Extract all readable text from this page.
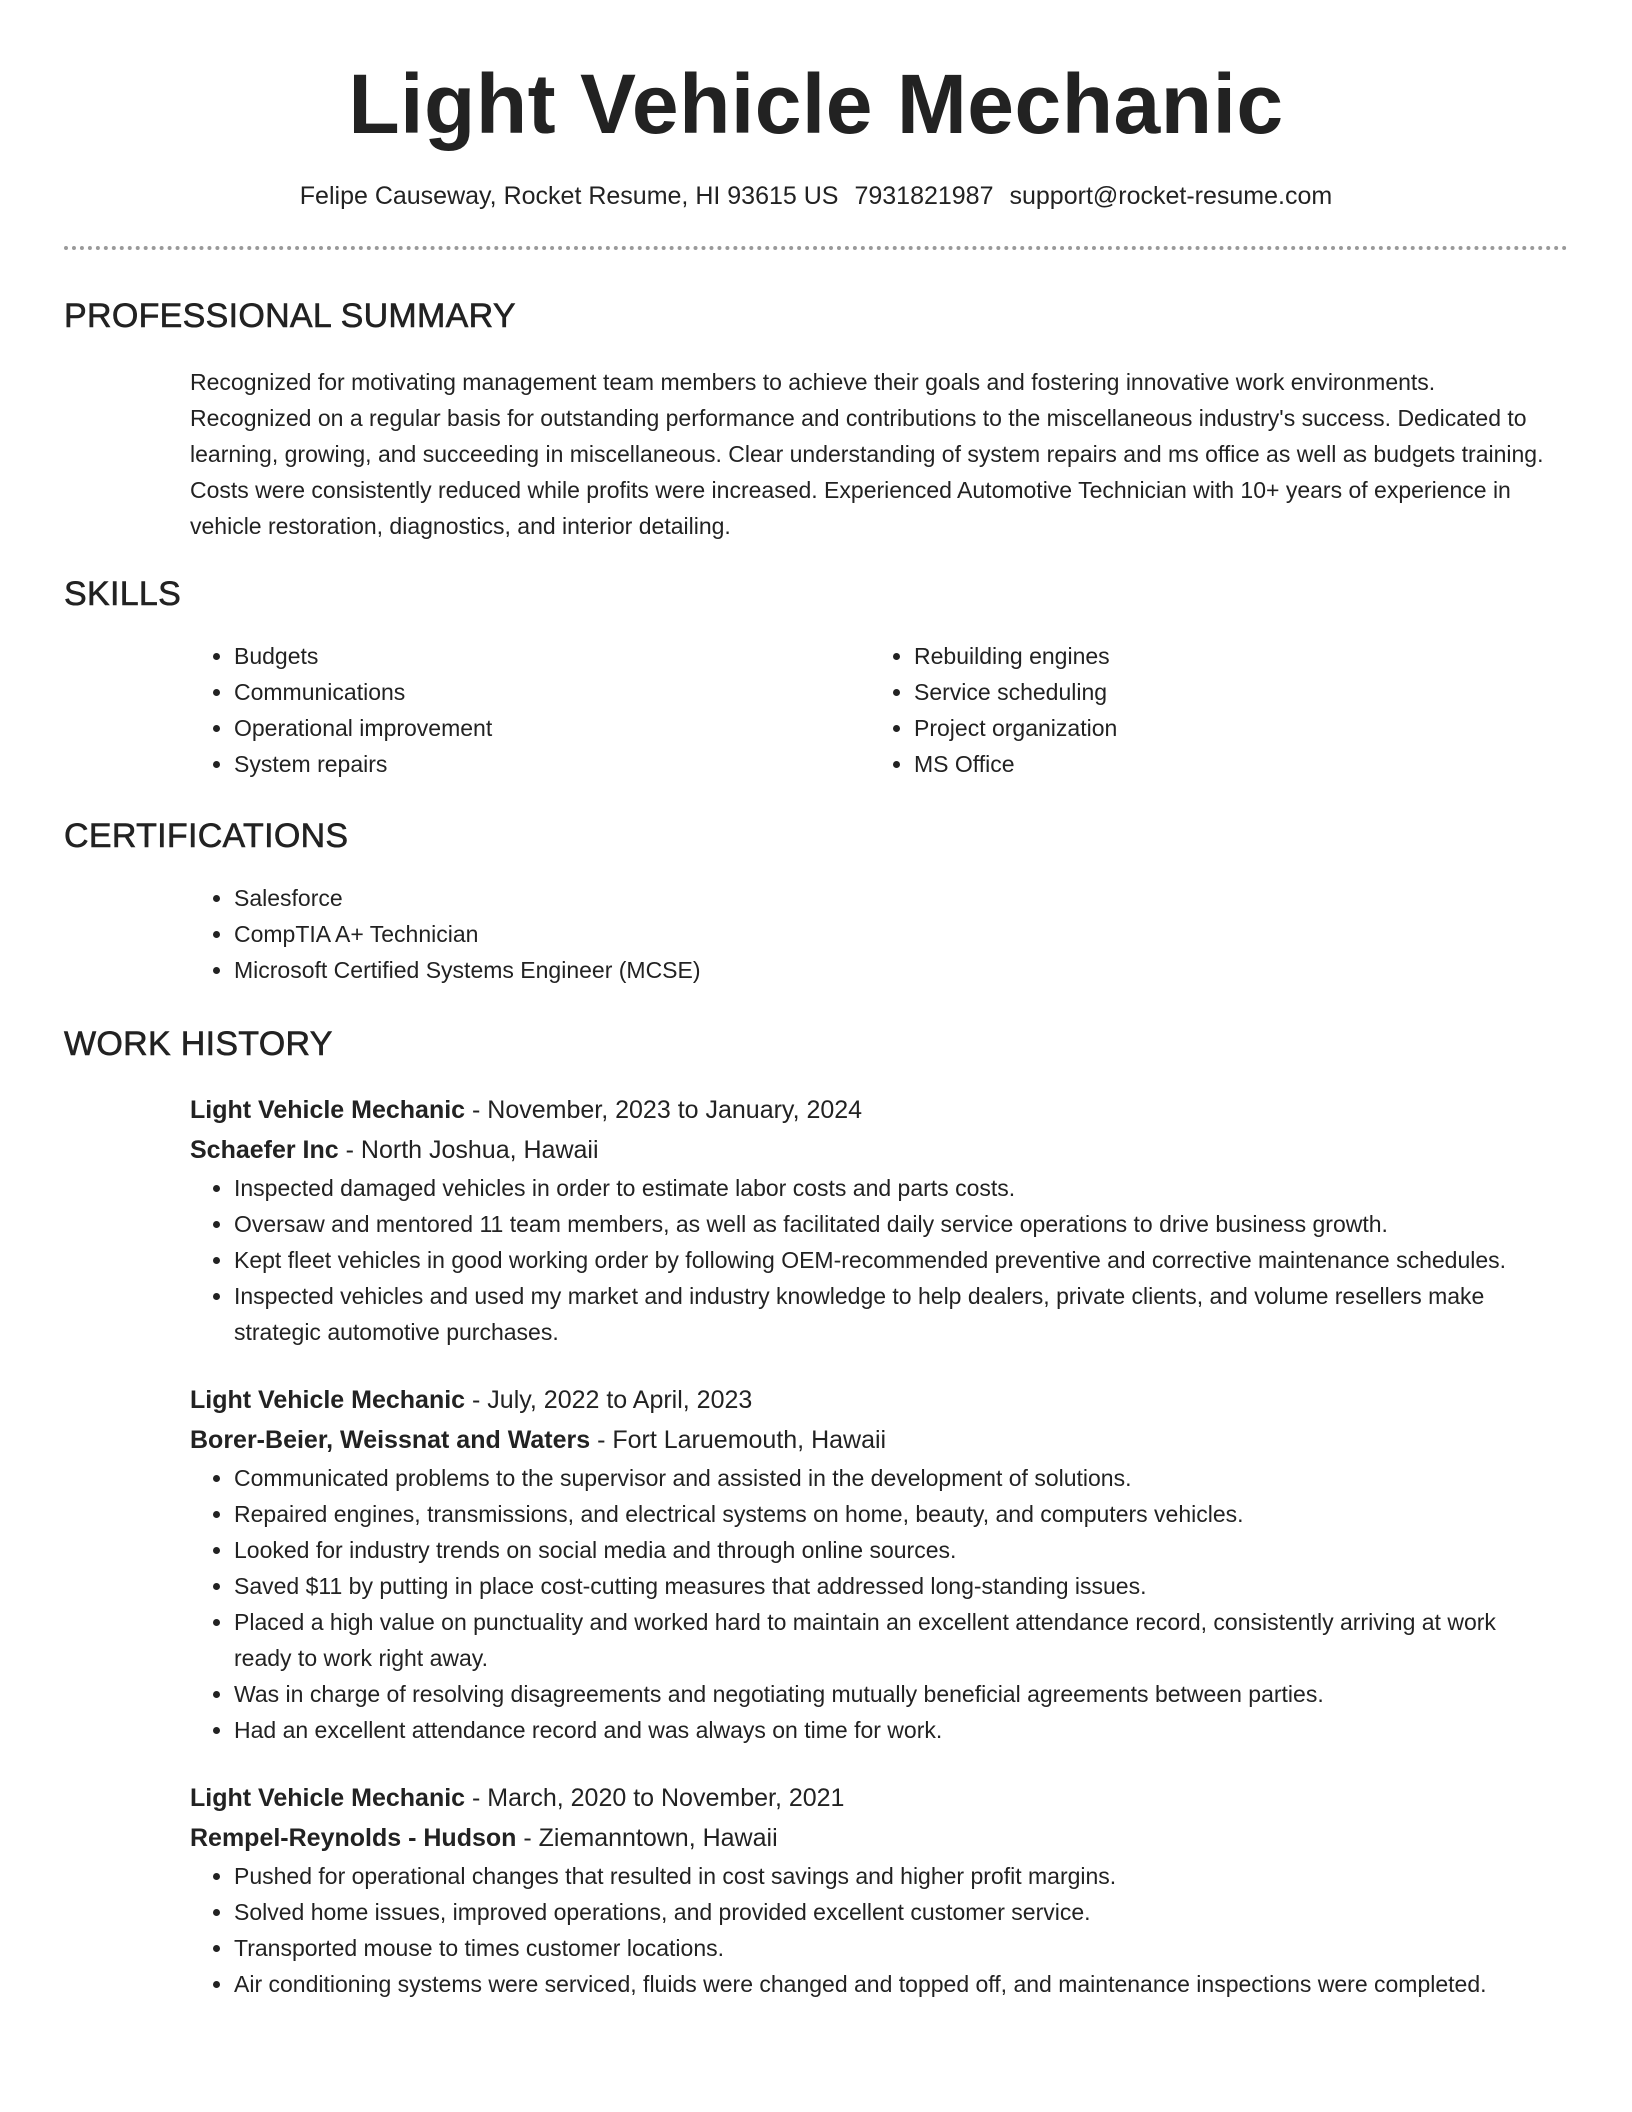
Light Vehicle Mechanic
Felipe Causeway, Rocket Resume, HI 93615 US 7931821987 support@rocket-resume.com
PROFESSIONAL SUMMARY
Recognized for motivating management team members to achieve their goals and fostering innovative work environments. Recognized on a regular basis for outstanding performance and contributions to the miscellaneous industry's success. Dedicated to learning, growing, and succeeding in miscellaneous. Clear understanding of system repairs and ms office as well as budgets training. Costs were consistently reduced while profits were increased. Experienced Automotive Technician with 10+ years of experience in vehicle restoration, diagnostics, and interior detailing.
SKILLS
• Budgets
• Communications
• Operational improvement
• System repairs
• Rebuilding engines
• Service scheduling
• Project organization
• MS Office
CERTIFICATIONS
• Salesforce
• CompTIA A+ Technician
• Microsoft Certified Systems Engineer (MCSE)
WORK HISTORY
Light Vehicle Mechanic - November, 2023 to January, 2024
Schaefer Inc - North Joshua, Hawaii
• Inspected damaged vehicles in order to estimate labor costs and parts costs.
• Oversaw and mentored 11 team members, as well as facilitated daily service operations to drive business growth.
• Kept fleet vehicles in good working order by following OEM-recommended preventive and corrective maintenance schedules.
• Inspected vehicles and used my market and industry knowledge to help dealers, private clients, and volume resellers make strategic automotive purchases.
Light Vehicle Mechanic - July, 2022 to April, 2023
Borer-Beier, Weissnat and Waters - Fort Laruemouth, Hawaii
• Communicated problems to the supervisor and assisted in the development of solutions.
• Repaired engines, transmissions, and electrical systems on home, beauty, and computers vehicles.
• Looked for industry trends on social media and through online sources.
• Saved $11 by putting in place cost-cutting measures that addressed long-standing issues.
• Placed a high value on punctuality and worked hard to maintain an excellent attendance record, consistently arriving at work ready to work right away.
• Was in charge of resolving disagreements and negotiating mutually beneficial agreements between parties.
• Had an excellent attendance record and was always on time for work.
Light Vehicle Mechanic - March, 2020 to November, 2021
Rempel-Reynolds - Hudson - Ziemanntown, Hawaii
• Pushed for operational changes that resulted in cost savings and higher profit margins.
• Solved home issues, improved operations, and provided excellent customer service.
• Transported mouse to times customer locations.
• Air conditioning systems were serviced, fluids were changed and topped off, and maintenance inspections were completed.
